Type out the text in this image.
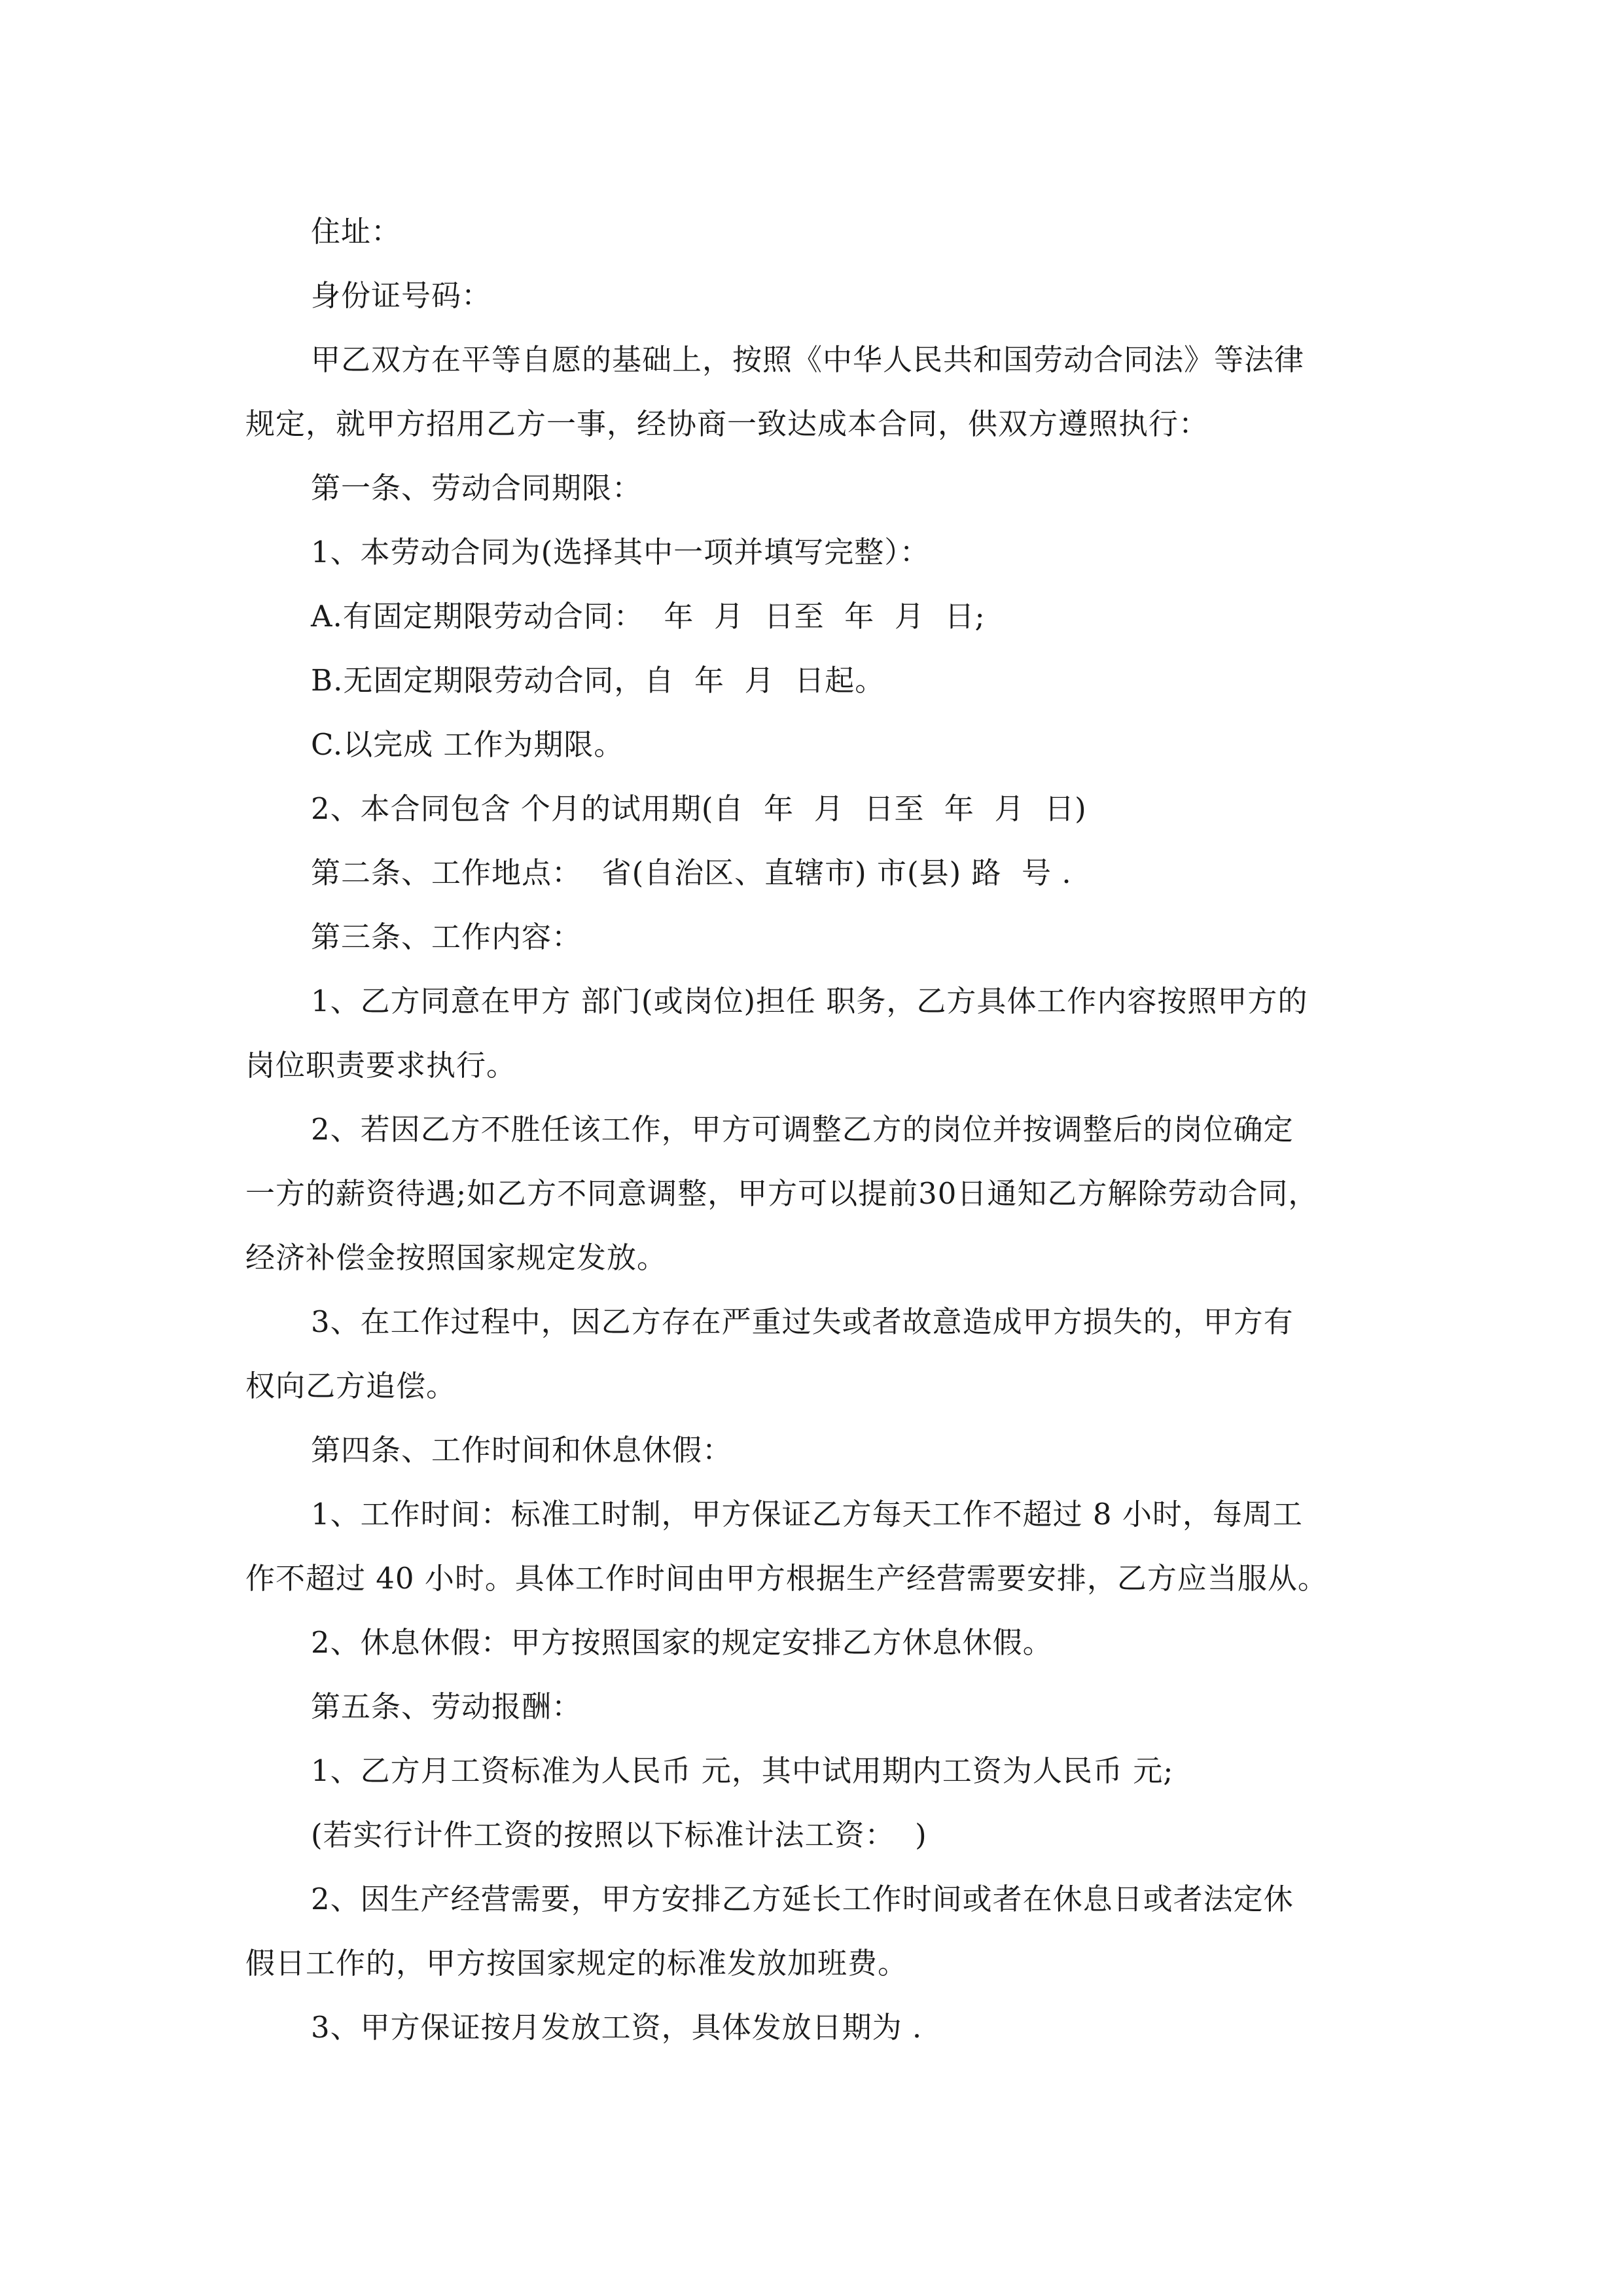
住址：
身份证号码：
甲乙双方在平等自愿的基础上，按照《中华人民共和国劳动合同法》等法律
规定，就甲方招用乙方一事，经协商一致达成本合同，供双方遵照执行：
第一条、劳动合同期限：
1、本劳动合同为(选择其中一项并填写完整）：
A.有固定期限劳动合同：  年  月  日至  年  月  日;
B.无固定期限劳动合同，自  年  月  日起。
C.以完成 工作为期限。
2、本合同包含 个月的试用期(自  年  月  日至  年  月  日)
第二条、工作地点：  省(自治区、直辖市) 市(县) 路  号 .
第三条、工作内容：
1、乙方同意在甲方 部门(或岗位)担任 职务，乙方具体工作内容按照甲方的
岗位职责要求执行。
2、若因乙方不胜任该工作，甲方可调整乙方的岗位并按调整后的岗位确定
一方的薪资待遇;如乙方不同意调整，甲方可以提前30日通知乙方解除劳动合同，
经济补偿金按照国家规定发放。
3、在工作过程中，因乙方存在严重过失或者故意造成甲方损失的，甲方有
权向乙方追偿。
第四条、工作时间和休息休假：
1、工作时间：标准工时制，甲方保证乙方每天工作不超过 8 小时，每周工
作不超过 40 小时。具体工作时间由甲方根据生产经营需要安排，乙方应当服从。
2、休息休假：甲方按照国家的规定安排乙方休息休假。
第五条、劳动报酬：
1、乙方月工资标准为人民币 元，其中试用期内工资为人民币 元;
(若实行计件工资的按照以下标准计法工资：  )
2、因生产经营需要，甲方安排乙方延长工作时间或者在休息日或者法定休
假日工作的，甲方按国家规定的标准发放加班费。
3、甲方保证按月发放工资，具体发放日期为 .
